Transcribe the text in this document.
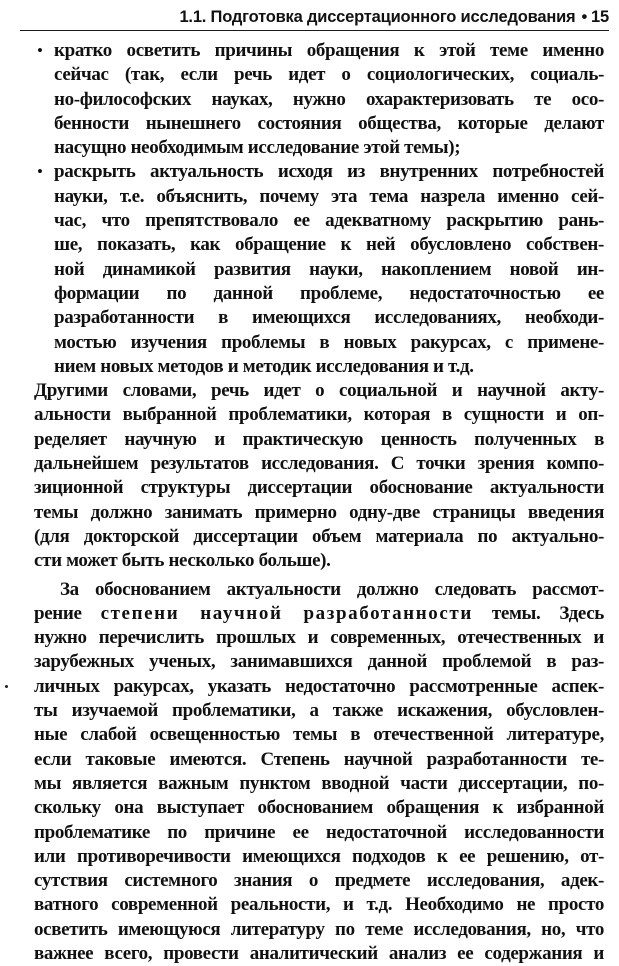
1.1. Подготовка диссертационного исследования • 15
• кратко осветить причины обращения к этой теме именно
сейчас (так, если речь идет о социологических, социаль-
но-философских науках, нужно охарактеризовать те осо-
бенности нынешнего состояния общества, которые делают
насущно необходимым исследование этой темы);
• раскрыть актуальность исходя из внутренних потребностей
науки, т.е. объяснить, почему эта тема назрела именно сей-
час, что препятствовало ее адекватному раскрытию рань-
ше, показать, как обращение к ней обусловлено собствен-
ной динамикой развития науки, накоплением новой ин-
формации по данной проблеме, недостаточностью ее
разработанности в имеющихся исследованиях, необходи-
мостью изучения проблемы в новых ракурсах, с примене-
нием новых методов и методик исследования и т.д.
Другими словами, речь идет о социальной и научной акту-
альности выбранной проблематики, которая в сущности и оп-
ределяет научную и практическую ценность полученных в
дальнейшем результатов исследования. С точки зрения компо-
зиционной структуры диссертации обоснование актуальности
темы должно занимать примерно одну-две страницы введения
(для докторской диссертации объем материала по актуально-
сти может быть несколько больше).
За обоснованием актуальности должно следовать рассмот-
рение степени научной разработанности темы. Здесь
нужно перечислить прошлых и современных, отечественных и
зарубежных ученых, занимавшихся данной проблемой в раз-
личных ракурсах, указать недостаточно рассмотренные аспек-
ты изучаемой проблематики, а также искажения, обусловлен-
ные слабой освещенностью темы в отечественной литературе,
если таковые имеются. Степень научной разработанности те-
мы является важным пунктом вводной части диссертации, по-
скольку она выступает обоснованием обращения к избранной
проблематике по причине ее недостаточной исследованности
или противоречивости имеющихся подходов к ее решению, от-
сутствия системного знания о предмете исследования, адек-
ватного современной реальности, и т.д. Необходимо не просто
осветить имеющуюся литературу по теме исследования, но, что
важнее всего, провести аналитический анализ ее содержания и
